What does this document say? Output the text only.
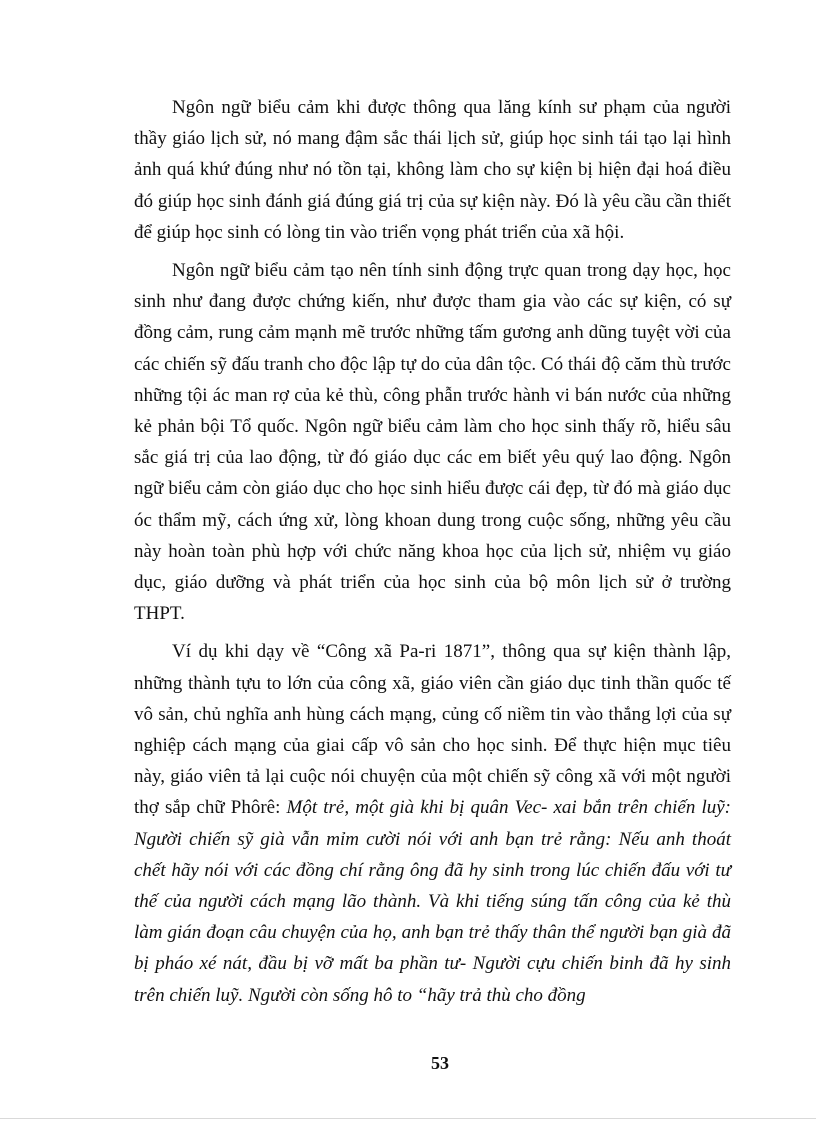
Ngôn ngữ biểu cảm khi được thông qua lăng kính sư phạm của người thầy giáo lịch sử, nó mang đậm sắc thái lịch sử, giúp học sinh tái tạo lại hình ảnh quá khứ đúng như nó tồn tại, không làm cho sự kiện bị hiện đại hoá điều đó giúp học sinh đánh giá đúng giá trị của sự kiện này. Đó là yêu cầu cần thiết để giúp học sinh có lòng tin vào triển vọng phát triển của xã hội.

Ngôn ngữ biểu cảm tạo nên tính sinh động trực quan trong dạy học, học sinh như đang được chứng kiến, như được tham gia vào các sự kiện, có sự đồng cảm, rung cảm mạnh mẽ trước những tấm gương anh dũng tuyệt vời của các chiến sỹ đấu tranh cho độc lập tự do của dân tộc. Có thái độ căm thù trước những tội ác man rợ của kẻ thù, công phẫn trước hành vi bán nước của những kẻ phản bội Tổ quốc. Ngôn ngữ biểu cảm làm cho học sinh thấy rõ, hiểu sâu sắc giá trị của lao động, từ đó giáo dục các em biết yêu quý lao động. Ngôn ngữ biểu cảm còn giáo dục cho học sinh hiểu được cái đẹp, từ đó mà giáo dục óc thẩm mỹ, cách ứng xử, lòng khoan dung trong cuộc sống, những yêu cầu này hoàn toàn phù hợp với chức năng khoa học của lịch sử, nhiệm vụ giáo dục, giáo dưỡng và phát triển của học sinh của bộ môn lịch sử ở trường THPT.

Ví dụ khi dạy về “Công xã Pa-ri 1871”, thông qua sự kiện thành lập, những thành tựu to lớn của công xã, giáo viên cần giáo dục tinh thần quốc tế vô sản, chủ nghĩa anh hùng cách mạng, củng cố niềm tin vào thắng lợi của sự nghiệp cách mạng của giai cấp vô sản cho học sinh. Để thực hiện mục tiêu này, giáo viên tả lại cuộc nói chuyện của một chiến sỹ công xã với một người thợ sắp chữ Phôrê: Một trẻ, một già khi bị quân Vec- xai bắn trên chiến luỹ: Người chiến sỹ già vẫn mỉm cười nói với anh bạn trẻ rằng: Nếu anh thoát chết hãy nói với các đồng chí rằng ông đã hy sinh trong lúc chiến đấu với tư thế của người cách mạng lão thành. Và khi tiếng súng tấn công của kẻ thù làm gián đoạn câu chuyện của họ, anh bạn trẻ thấy thân thể người bạn già đã bị pháo xé nát, đầu bị vỡ mất ba phần tư- Người cựu chiến binh đã hy sinh trên chiến luỹ. Người còn sống hô to “hãy trả thù cho đồng

53
